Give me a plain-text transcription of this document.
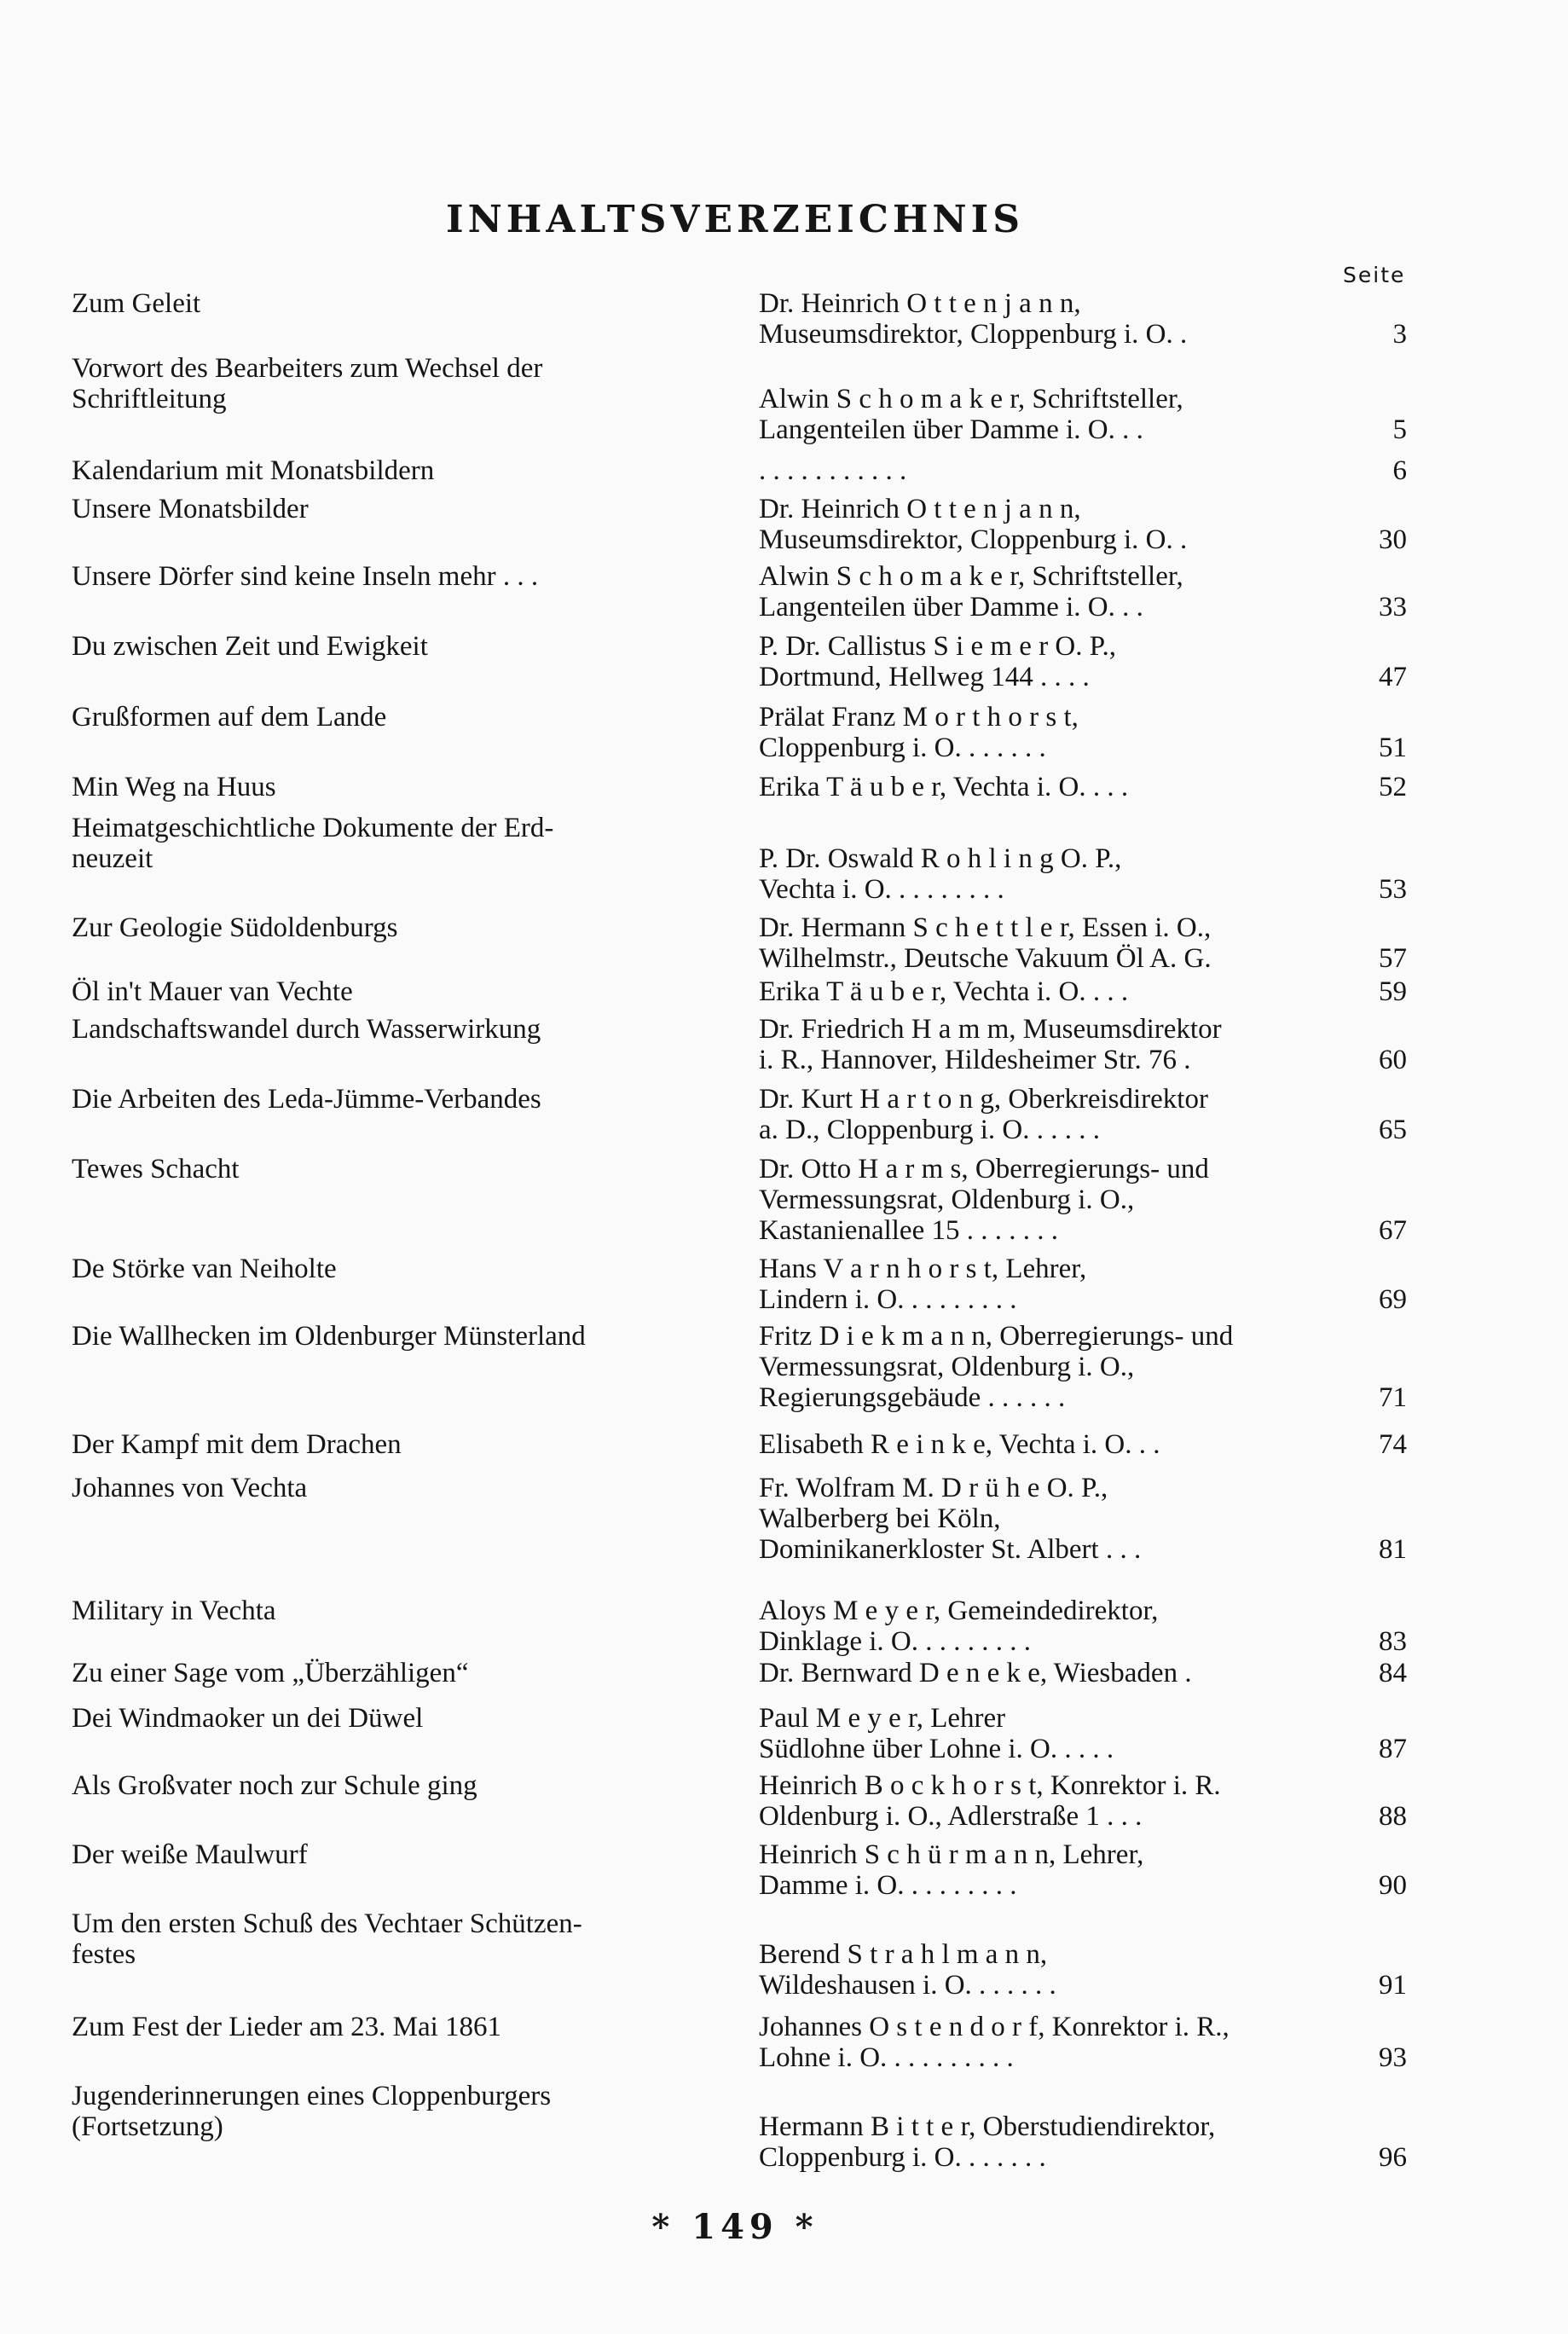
INHALTSVERZEICHNIS
Seite
Zum Geleit	Dr. Heinrich O t t e n j a n n,
Museumsdirektor, Cloppenburg i. O. .	3
Vorwort des Bearbeiters zum Wechsel der
Schriftleitung
	Alwin S c h o m a k e r, Schriftsteller,
Langenteilen über Damme i. O. . .	5
Kalendarium mit Monatsbildern	. . . . . . . . . . .	6
Unsere Monatsbilder	Dr. Heinrich O t t e n j a n n,
Museumsdirektor, Cloppenburg i. O. .	30
Unsere Dörfer sind keine Inseln mehr . . .	Alwin S c h o m a k e r, Schriftsteller,
Langenteilen über Damme i. O. . .	33
Du zwischen Zeit und Ewigkeit	P. Dr. Callistus S i e m e r O. P.,
Dortmund, Hellweg 144 . . . .	47
Grußformen auf dem Lande	Prälat Franz M o r t h o r s t,
Cloppenburg i. O. . . . . . .	51
Min Weg na Huus	Erika T ä u b e r, Vechta i. O. . . .	52
Heimatgeschichtliche Dokumente der Erd-
neuzeit
	P. Dr. Oswald R o h l i n g O. P.,
Vechta i. O. . . . . . . . .	53
Zur Geologie Südoldenburgs	Dr. Hermann S c h e t t l e r, Essen i. O.,
Wilhelmstr., Deutsche Vakuum Öl A. G.	57
Öl in't Mauer van Vechte	Erika T ä u b e r, Vechta i. O. . . .	59
Landschaftswandel durch Wasserwirkung	Dr. Friedrich H a m m, Museumsdirektor
i. R., Hannover, Hildesheimer Str. 76 .	60
Die Arbeiten des Leda-Jümme-Verbandes	Dr. Kurt H a r t o n g, Oberkreisdirektor
a. D., Cloppenburg i. O. . . . . .	65
Tewes Schacht	Dr. Otto H a r m s, Oberregierungs- und
Vermessungsrat, Oldenburg i. O.,
Kastanienallee 15 . . . . . . .	67
De Störke van Neiholte	Hans V a r n h o r s t, Lehrer,
Lindern i. O. . . . . . . . .	69
Die Wallhecken im Oldenburger Münsterland	Fritz D i e k m a n n, Oberregierungs- und
Vermessungsrat, Oldenburg i. O.,
Regierungsgebäude . . . . . .	71
Der Kampf mit dem Drachen	Elisabeth R e i n k e, Vechta i. O. . .	74
Johannes von Vechta	Fr. Wolfram M. D r ü h e O. P.,
Walberberg bei Köln,
Dominikanerkloster St. Albert . . .	81
Military in Vechta	Aloys M e y e r, Gemeindedirektor,
Dinklage i. O. . . . . . . . .	83
Zu einer Sage vom „Überzähligen“	Dr. Bernward D e n e k e, Wiesbaden .	84
Dei Windmaoker un dei Düwel	Paul M e y e r, Lehrer
Südlohne über Lohne i. O. . . . .	87
Als Großvater noch zur Schule ging	Heinrich B o c k h o r s t, Konrektor i. R.
Oldenburg i. O., Adlerstraße 1 . . .	88
Der weiße Maulwurf	Heinrich S c h ü r m a n n, Lehrer,
Damme i. O. . . . . . . . .	90
Um den ersten Schuß des Vechtaer Schützen-
festes
	Berend S t r a h l m a n n,
Wildeshausen i. O. . . . . . .	91
Zum Fest der Lieder am 23. Mai 1861	Johannes O s t e n d o r f, Konrektor i. R.,
Lohne i. O. . . . . . . . . .	93
Jugenderinnerungen eines Cloppenburgers
(Fortsetzung)
	Hermann B i t t e r, Oberstudiendirektor,
Cloppenburg i. O. . . . . . .	96
* 149 *
